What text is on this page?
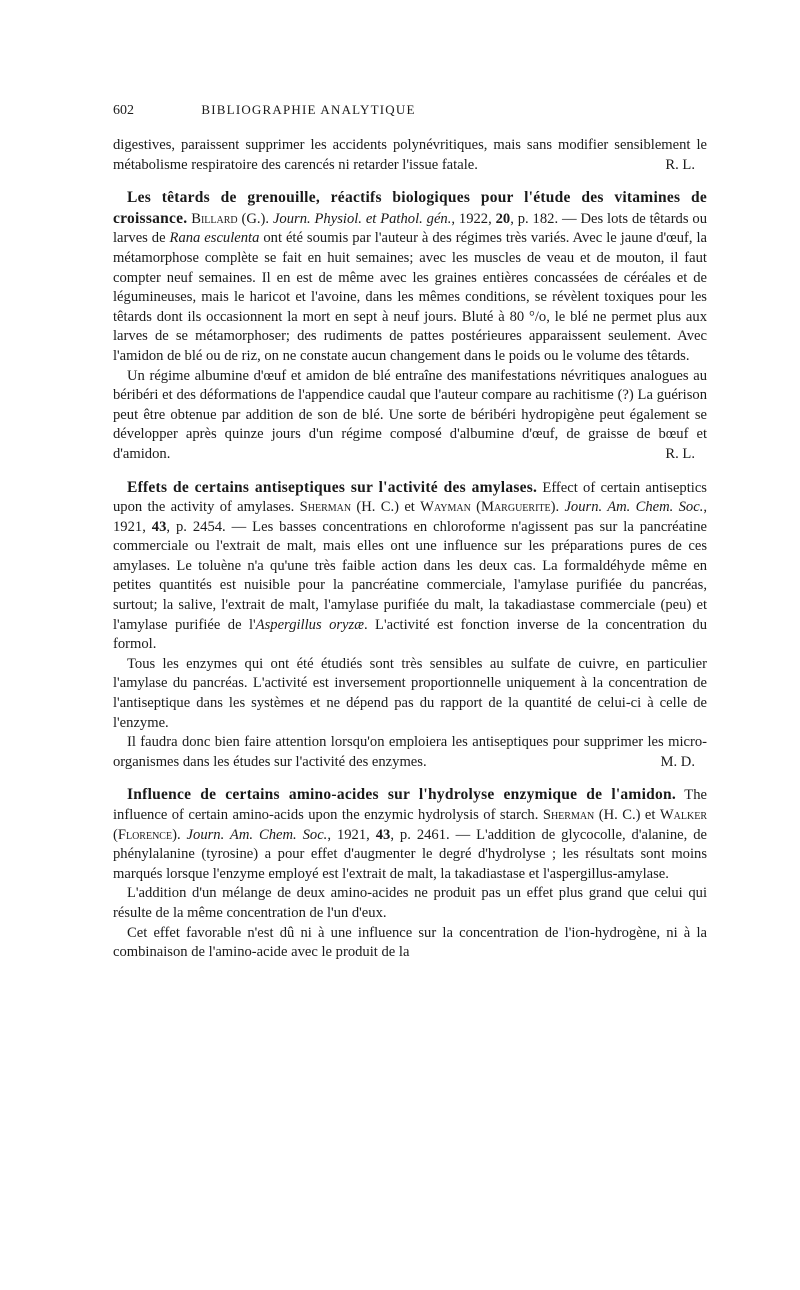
602	BIBLIOGRAPHIE ANALYTIQUE

digestives, paraissent supprimer les accidents polynévritiques, mais sans modifier sensiblement le métabolisme respiratoire des carencés ni retarder l'issue fatale.	R. L.

Les têtards de grenouille, réactifs biologiques pour l'étude des vitamines de croissance. Billard (G.). Journ. Physiol. et Pathol. gén., 1922, 20, p. 182. — Des lots de têtards ou larves de Rana esculenta ont été soumis par l'auteur à des régimes très variés. Avec le jaune d'œuf, la métamorphose complète se fait en huit semaines; avec les muscles de veau et de mouton, il faut compter neuf semaines. Il en est de même avec les graines entières concassées de céréales et de légumineuses, mais le haricot et l'avoine, dans les mêmes conditions, se révèlent toxiques pour les têtards dont ils occasionnent la mort en sept à neuf jours. Bluté à 80 °/o, le blé ne permet plus aux larves de se métamorphoser; des rudiments de pattes postérieures apparaissent seulement. Avec l'amidon de blé ou de riz, on ne constate aucun changement dans le poids ou le volume des têtards.

Un régime albumine d'œuf et amidon de blé entraîne des manifestations névritiques analogues au béribéri et des déformations de l'appendice caudal que l'auteur compare au rachitisme (?) La guérison peut être obtenue par addition de son de blé. Une sorte de béribéri hydropigène peut également se développer après quinze jours d'un régime composé d'albumine d'œuf, de graisse de bœuf et d'amidon.	R. L.

Effets de certains antiseptiques sur l'activité des amylases. Effect of certain antiseptics upon the activity of amylases. Sherman (H. C.) et Wayman (Marguerite). Journ. Am. Chem. Soc., 1921, 43, p. 2454. — Les basses concentrations en chloroforme n'agissent pas sur la pancréatine commerciale ou l'extrait de malt, mais elles ont une influence sur les préparations pures de ces amylases. Le toluène n'a qu'une très faible action dans les deux cas. La formaldéhyde même en petites quantités est nuisible pour la pancréatine commerciale, l'amylase purifiée du pancréas, surtout; la salive, l'extrait de malt, l'amylase purifiée du malt, la takadiastase commerciale (peu) et l'amylase purifiée de l'Aspergillus oryzæ. L'activité est fonction inverse de la concentration du formol.

Tous les enzymes qui ont été étudiés sont très sensibles au sulfate de cuivre, en particulier l'amylase du pancréas. L'activité est inversement proportionnelle uniquement à la concentration de l'antiseptique dans les systèmes et ne dépend pas du rapport de la quantité de celui-ci à celle de l'enzyme.

Il faudra donc bien faire attention lorsqu'on emploiera les antiseptiques pour supprimer les micro-organismes dans les études sur l'activité des enzymes.	M. D.

Influence de certains amino-acides sur l'hydrolyse enzymique de l'amidon. The influence of certain amino-acids upon the enzymic hydrolysis of starch. Sherman (H. C.) et Walker (Florence). Journ. Am. Chem. Soc., 1921, 43, p. 2461. — L'addition de glycocolle, d'alanine, de phénylalanine (tyrosine) a pour effet d'augmenter le degré d'hydrolyse ; les résultats sont moins marqués lorsque l'enzyme employé est l'extrait de malt, la takadiastase et l'aspergillus-amylase.

L'addition d'un mélange de deux amino-acides ne produit pas un effet plus grand que celui qui résulte de la même concentration de l'un d'eux.

Cet effet favorable n'est dû ni à une influence sur la concentration de l'ion-hydrogène, ni à la combinaison de l'amino-acide avec le produit de la
